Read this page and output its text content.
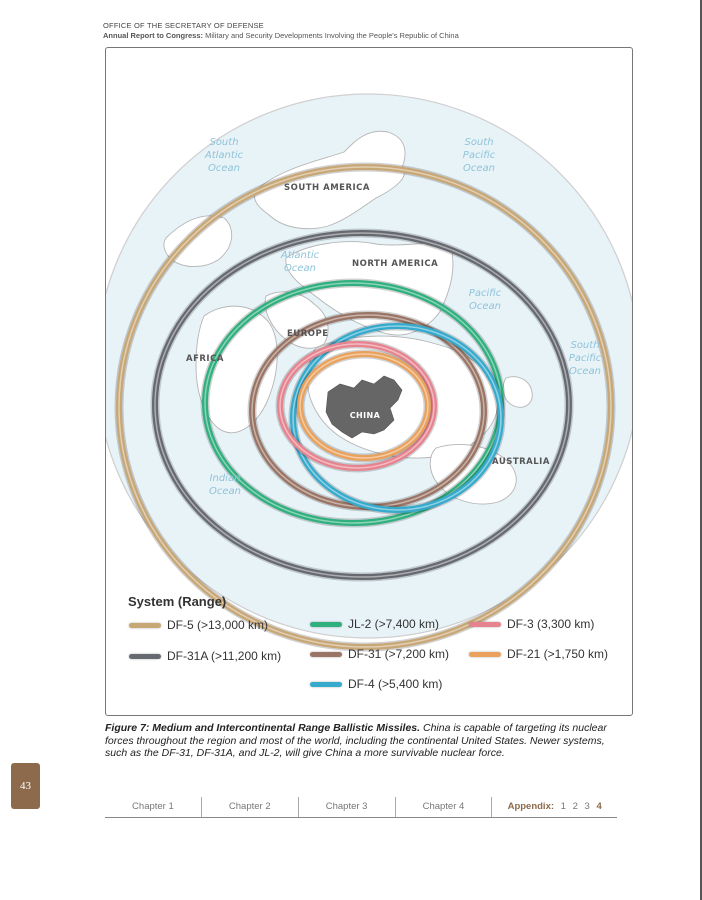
OFFICE OF THE SECRETARY OF DEFENSE
Annual Report to Congress: Military and Security Developments Involving the People's Republic of China
South Atlantic Ocean
South Pacific Ocean
Atlantic Ocean
Pacific Ocean
South Pacific Ocean
Indian Ocean
SOUTH AMERICA
NORTH AMERICA
EUROPE
AFRICA
AUSTRALIA
CHINA
System (Range)
DF-5 (>13,000 km)	JL-2 (>7,400 km)	DF-3 (3,300 km)
DF-31A (>11,200 km)	DF-31 (>7,200 km)	DF-21 (>1,750 km)
DF-4 (>5,400 km)
Figure 7: Medium and Intercontinental Range Ballistic Missiles. China is capable of targeting its nuclear forces throughout the region and most of the world, including the continental United States. Newer systems, such as the DF-31, DF-31A, and JL-2, will give China a more survivable nuclear force.
43
Chapter 1	Chapter 2	Chapter 3	Chapter 4	Appendix: 1 2 3 4
